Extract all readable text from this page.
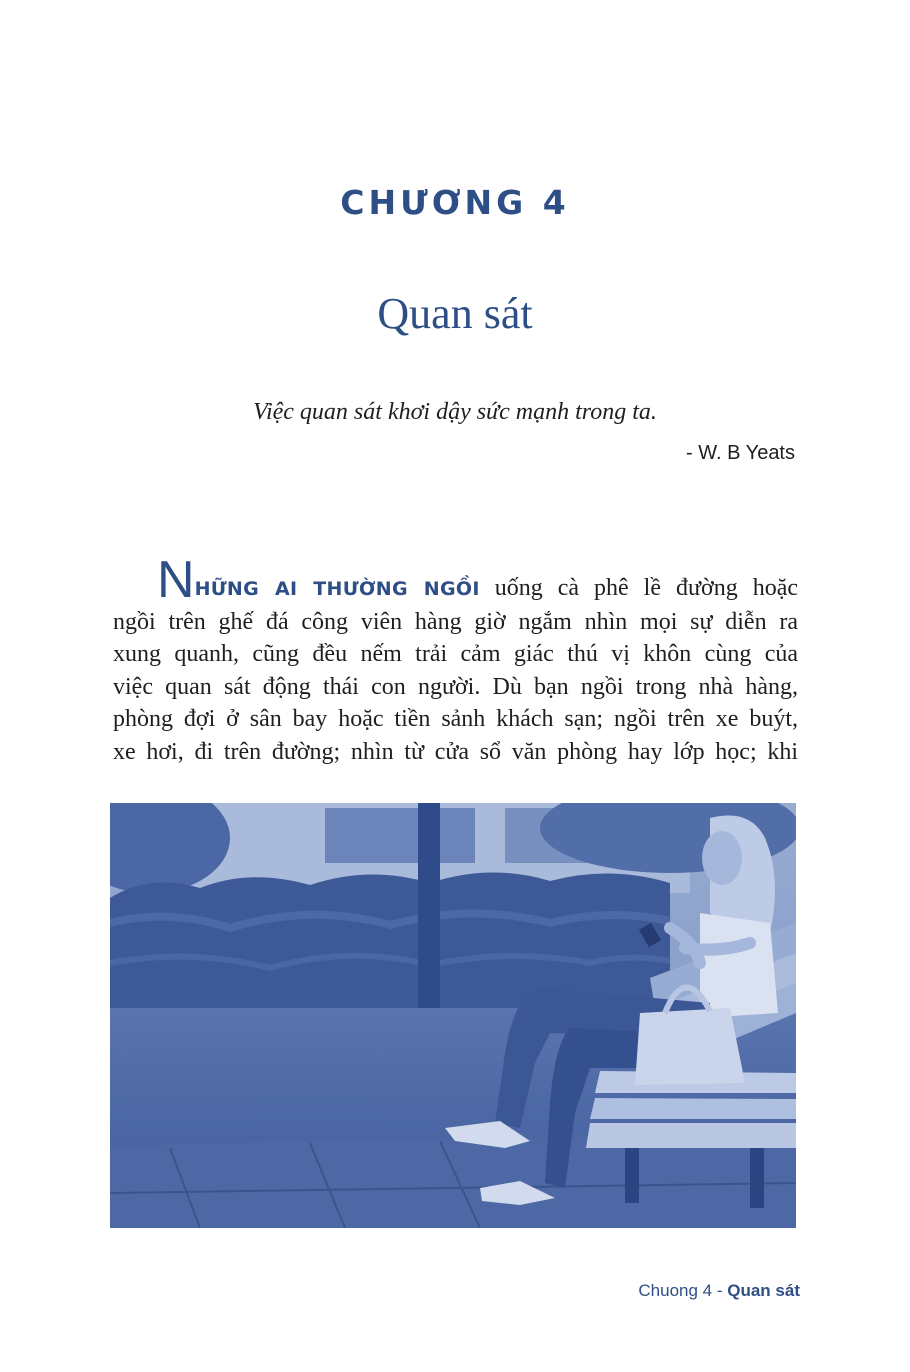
CHƯƠNG 4
Quan sát
Việc quan sát khơi dậy sức mạnh trong ta.
- W. B Yeats
NHỮNG AI THƯỜNG NGỒI uống cà phê lề đường hoặc
ngồi trên ghế đá công viên hàng giờ ngắm nhìn mọi sự diễn ra
xung quanh, cũng đều nếm trải cảm giác thú vị khôn cùng của
việc quan sát động thái con người. Dù bạn ngồi trong nhà hàng,
phòng đợi ở sân bay hoặc tiền sảnh khách sạn; ngồi trên xe buýt,
xe hơi, đi trên đường; nhìn từ cửa sổ văn phòng hay lớp học; khi
Chuong 4 - Quan sát
